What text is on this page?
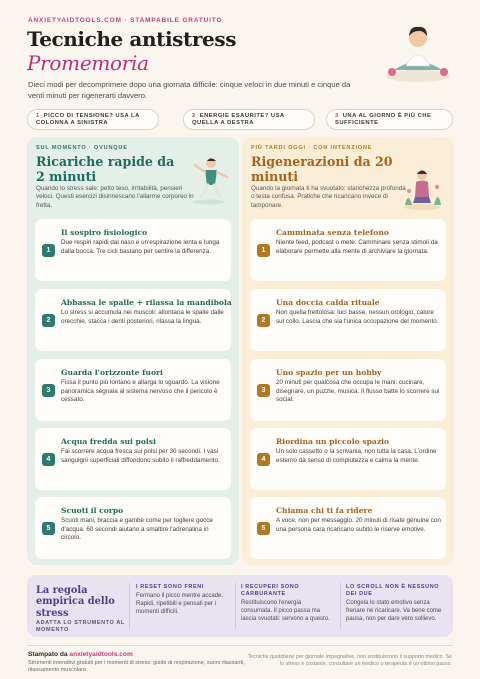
ANXIETYAIDTOOLS.COM · STAMPABILE GRATUITO
Tecniche antistress
Promemoria
Dieci modi per decomprimere dopo una giornata difficile: cinque veloci in due minuti e cinque da venti minuti per rigenerarti davvero.
1 PICCO DI TENSIONE? USA LA COLONNA A SINISTRA
2 ENERGIE ESAURITE? USA QUELLA A DESTRA
3 UNA AL GIORNO È PIÙ CHE SUFFICIENTE
SUL MOMENTO · OVUNQUE
Ricariche rapide da 2 minuti
Quando lo stress sale: petto teso, irritabilità, pensieri veloci. Questi esercizi disinnescano l'allarme corporeo in fretta.
1
Il sospiro fisiologico
Due respiri rapidi dal naso e un'espirazione lenta e lunga dalla bocca. Tre cicli bastano per sentire la differenza.
2
Abbassa le spalle + rilassa la mandibola
Lo stress si accumula nei muscoli: allontana le spalle dalle orecchie, stacca i denti posteriori, rilassa la lingua.
3
Guarda l'orizzonte fuori
Fissa il punto più lontano e allarga lo sguardo. La visione panoramica segnala al sistema nervoso che il pericolo è cessato.
4
Acqua fredda sui polsi
Fai scorrere acqua fresca sui polsi per 30 secondi. I vasi sanguigni superficiali diffondono subito il raffreddamento.
5
Scuoti il corpo
Scuoti mani, braccia e gambe come per togliere gocce d'acqua. 60 secondi aiutano a smaltire l'adrenalina in circolo.
PIÙ TARDI OGGI · CON INTENZIONE
Rigenerazioni da 20 minuti
Quando la giornata ti ha svuotato: stanchezza profonda o testa confusa. Pratiche che ricaricano invece di tamponare.
1
Camminata senza telefono
Niente feed, podcast o mete. Camminare senza stimoli da elaborare permette alla mente di archiviare la giornata.
2
Una doccia calda rituale
Non quella frettolosa: luci basse, nessun orologio, calore sul collo. Lascia che sia l'unica occupazione del momento.
3
Uno spazio per un hobby
20 minuti per qualcosa che occupa le mani: cucinare, disegnare, un puzzle, musica. Il flusso batte lo scorrere sui social.
4
Riordina un piccolo spazio
Un solo cassetto o la scrivania, non tutta la casa. L'ordine esterno dà senso di compiutezza e calma la mente.
5
Chiama chi ti fa ridere
A voce, non per messaggio. 20 minuti di risate genuine con una persona cara ricaricano subito le riserve emotive.
La regola empirica dello stress
ADATTA LO STRUMENTO AL MOMENTO
I RESET SONO FRENI
Fermano il picco mentre accade. Rapidi, ripetibili e pensati per i momenti difficili.
I RECUPERI SONO CARBURANTE
Restituiscono l'energia consumata. Il picco passa ma lascia svuotati: servono a questo.
LO SCROLL NON È NESSUNO DEI DUE
Congela lo stato emotivo senza frenare né ricaricare. Va bene come pausa, non per dare vero sollievo.
Stampato da anxietyaidtools.com
Strumenti interattivi gratuiti per i momenti di stress: guide di respirazione, suoni rilassanti, rilassamento muscolare.
Tecniche quotidiane per giornate impegnative, non sostituiscono il supporto medico. Se lo stress è costante, consultare un medico o terapeuta è un ottimo passo.
